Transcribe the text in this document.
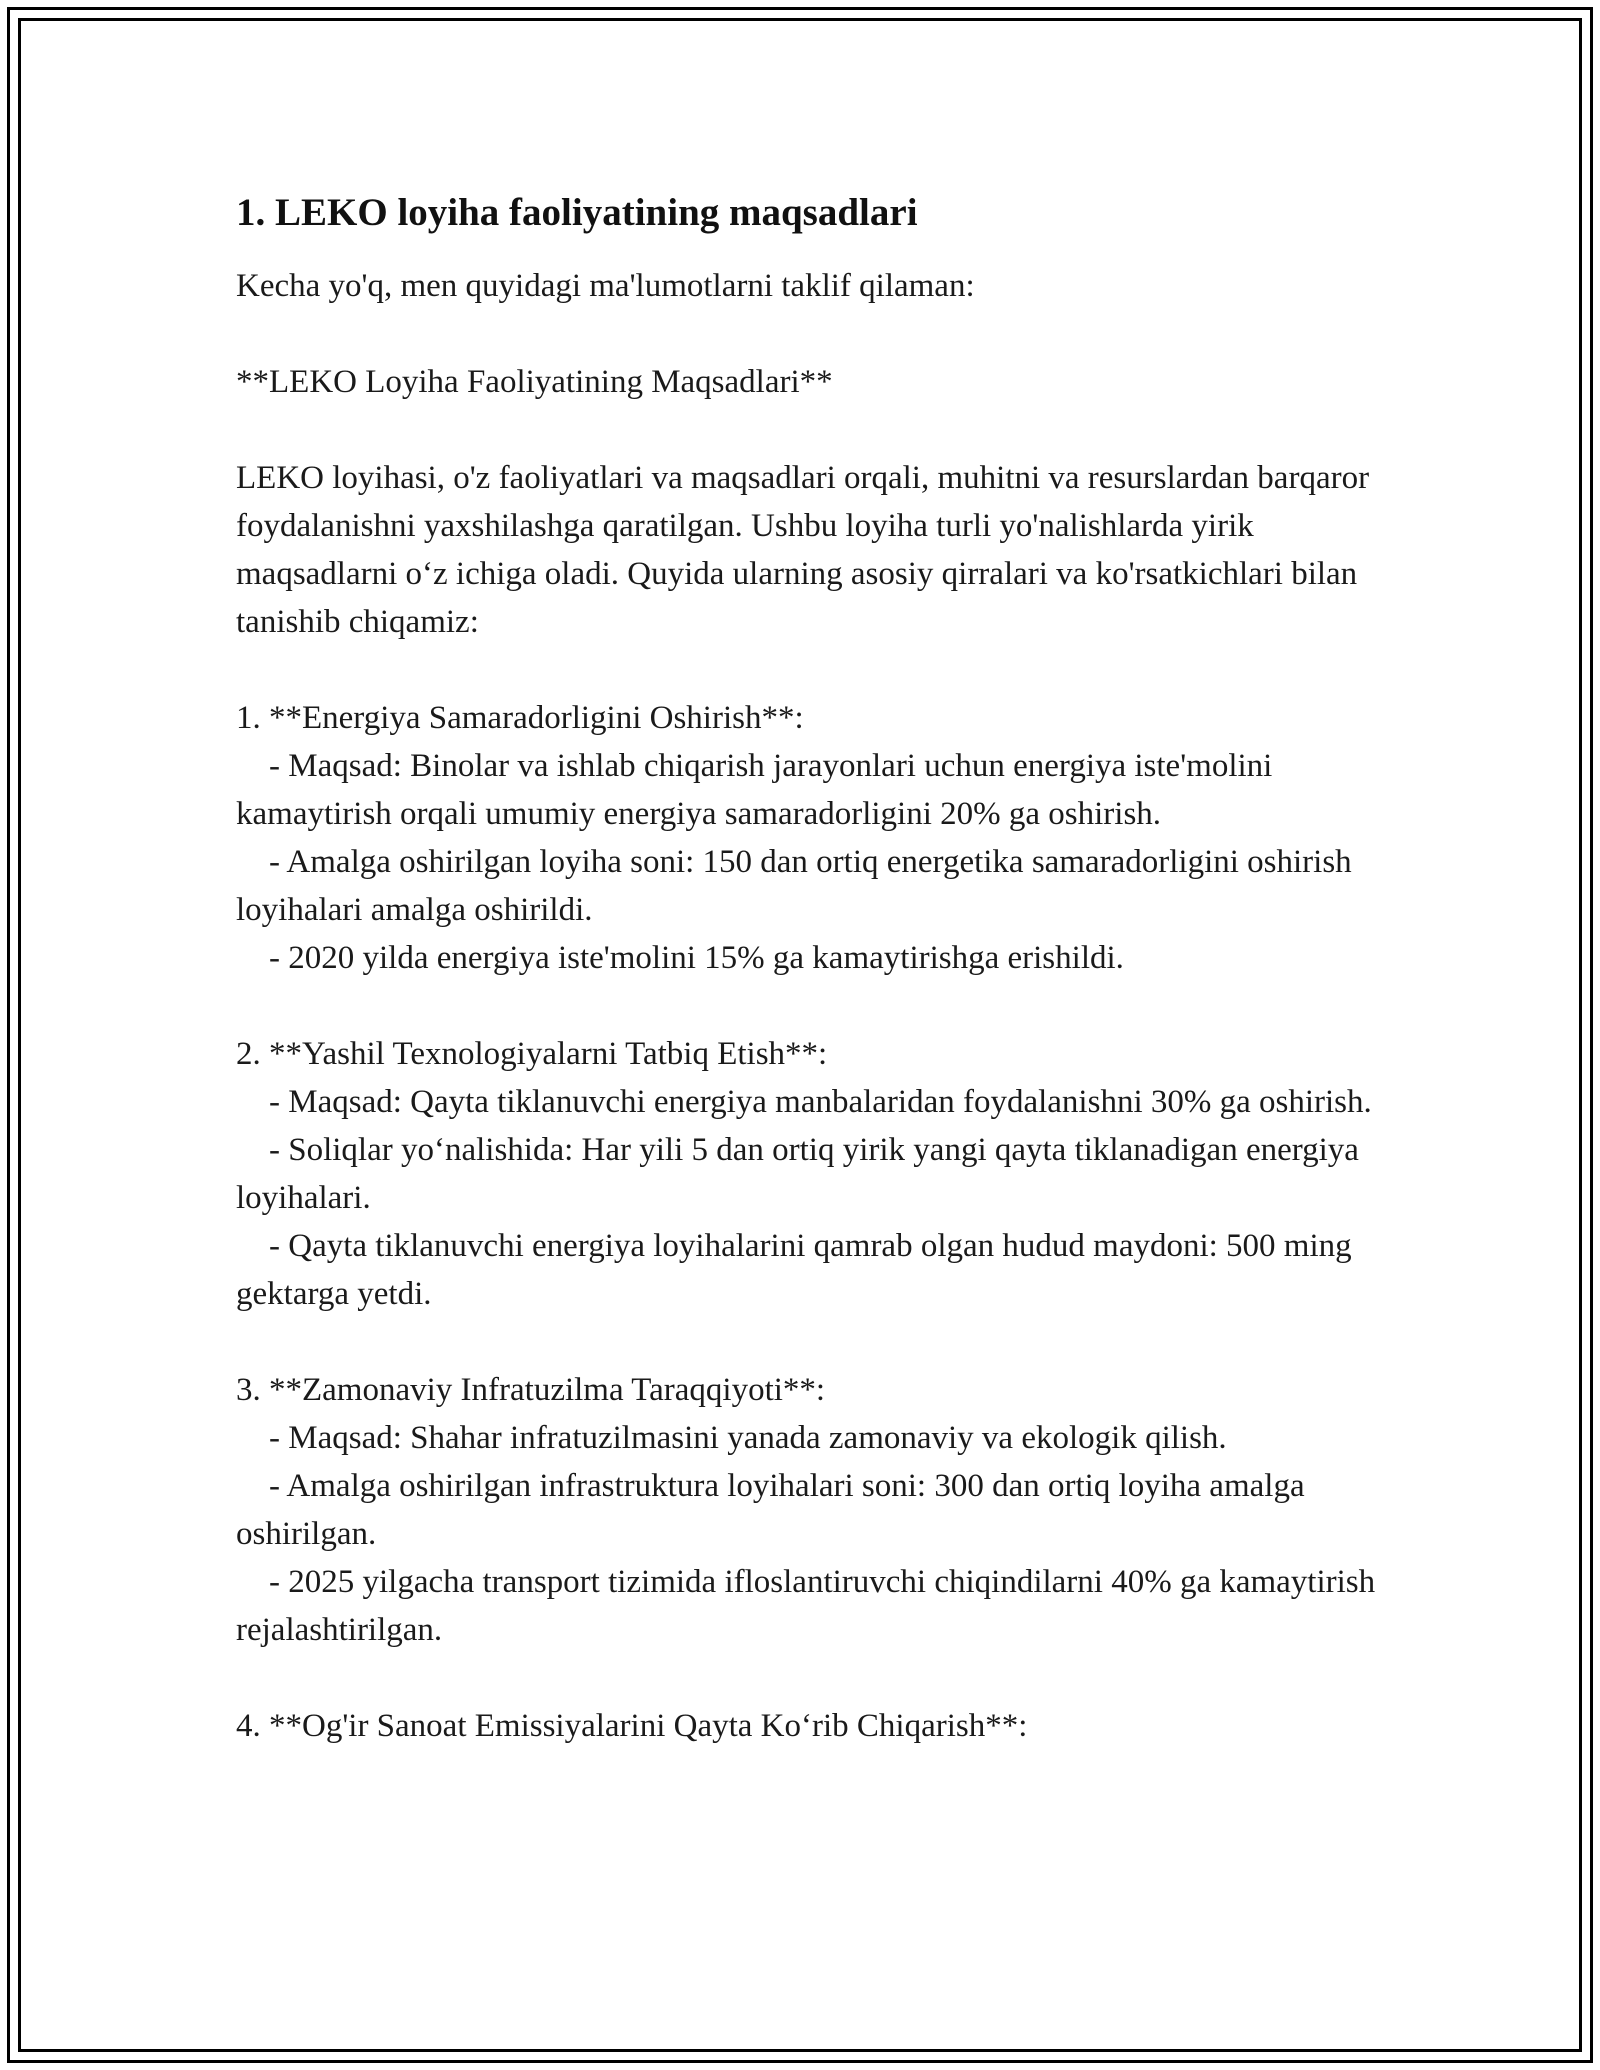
1. LEKO loyiha faoliyatining maqsadlari

Kecha yo'q, men quyidagi ma'lumotlarni taklif qilaman:

**LEKO Loyiha Faoliyatining Maqsadlari**

LEKO loyihasi, o'z faoliyatlari va maqsadlari orqali, muhitni va resurslardan barqaror foydalanishni yaxshilashga qaratilgan. Ushbu loyiha turli yo'nalishlarda yirik maqsadlarni o‘z ichiga oladi. Quyida ularning asosiy qirralari va ko'rsatkichlari bilan tanishib chiqamiz:

1. **Energiya Samaradorligini Oshirish**:

- Maqsad: Binolar va ishlab chiqarish jarayonlari uchun energiya iste'molini kamaytirish orqali umumiy energiya samaradorligini 20% ga oshirish.

- Amalga oshirilgan loyiha soni: 150 dan ortiq energetika samaradorligini oshirish loyihalari amalga oshirildi.

- 2020 yilda energiya iste'molini 15% ga kamaytirishga erishildi.

2. **Yashil Texnologiyalarni Tatbiq Etish**:

- Maqsad: Qayta tiklanuvchi energiya manbalaridan foydalanishni 30% ga oshirish.

- Soliqlar yo‘nalishida: Har yili 5 dan ortiq yirik yangi qayta tiklanadigan energiya loyihalari.

- Qayta tiklanuvchi energiya loyihalarini qamrab olgan hudud maydoni: 500 ming gektarga yetdi.

3. **Zamonaviy Infratuzilma Taraqqiyoti**:

- Maqsad: Shahar infratuzilmasini yanada zamonaviy va ekologik qilish.

- Amalga oshirilgan infrastruktura loyihalari soni: 300 dan ortiq loyiha amalga oshirilgan.

- 2025 yilgacha transport tizimida ifloslantiruvchi chiqindilarni 40% ga kamaytirish rejalashtirilgan.

4. **Og'ir Sanoat Emissiyalarini Qayta Ko‘rib Chiqarish**:
